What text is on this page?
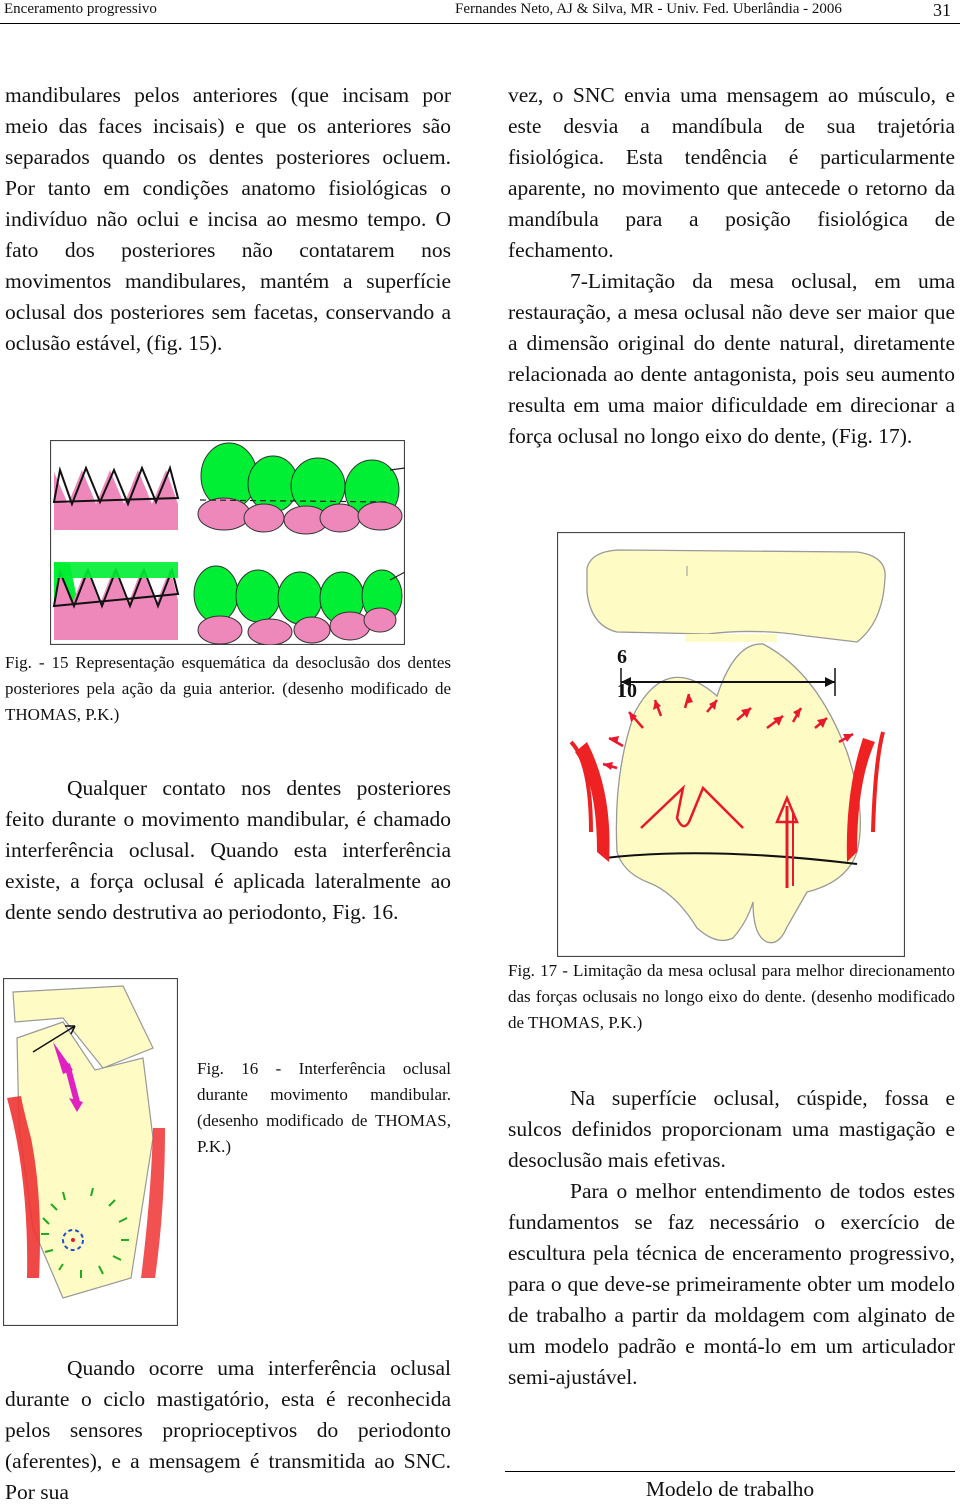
Enceramento progressivo	Fernandes Neto, AJ & Silva, MR - Univ. Fed. Uberlândia - 2006	31

mandibulares pelos anteriores (que incisam por meio das faces incisais) e que os anteriores são separados quando os dentes posteriores ocluem. Por tanto em condições anatomo fisiológicas o indivíduo não oclui e incisa ao mesmo tempo. O fato dos posteriores não contatarem nos movimentos mandibulares, mantém a superfície oclusal dos posteriores sem facetas, conservando a oclusão estável, (fig. 15).

Fig. - 15 Representação esquemática da desoclusão dos dentes posteriores pela ação da guia anterior. (desenho modificado de THOMAS, P.K.)

Qualquer contato nos dentes posteriores feito durante o movimento mandibular, é chamado interferência oclusal. Quando esta interferência existe, a força oclusal é aplicada lateralmente ao dente sendo destrutiva ao periodonto, Fig. 16.

Fig. 16 - Interferência oclusal durante movimento mandibular. (desenho modificado de THOMAS, P.K.)

Quando ocorre uma interferência oclusal durante o ciclo mastigatório, esta é reconhecida pelos sensores proprioceptivos do periodonto (aferentes), e a mensagem é transmitida ao SNC. Por sua

vez, o SNC envia uma mensagem ao músculo, e este desvia a mandíbula de sua trajetória fisiológica. Esta tendência é particularmente aparente, no movimento que antecede o retorno da mandíbula para a posição fisiológica de fechamento.

7-Limitação da mesa oclusal, em uma restauração, a mesa oclusal não deve ser maior que a dimensão original do dente natural, diretamente relacionada ao dente antagonista, pois seu aumento resulta em uma maior dificuldade em direcionar a força oclusal no longo eixo do dente, (Fig. 17).

6
10
Fig. 17 - Limitação da mesa oclusal para melhor direcionamento das forças oclusais no longo eixo do dente. (desenho modificado de THOMAS, P.K.)

Na superfície oclusal, cúspide, fossa e sulcos definidos proporcionam uma mastigação e desoclusão mais efetivas.

Para o melhor entendimento de todos estes fundamentos se faz necessário o exercício de escultura pela técnica de enceramento progressivo, para o que deve-se primeiramente obter um modelo de trabalho a partir da moldagem com alginato de um modelo padrão e montá-lo em um articulador semi-ajustável.

Modelo de trabalho
